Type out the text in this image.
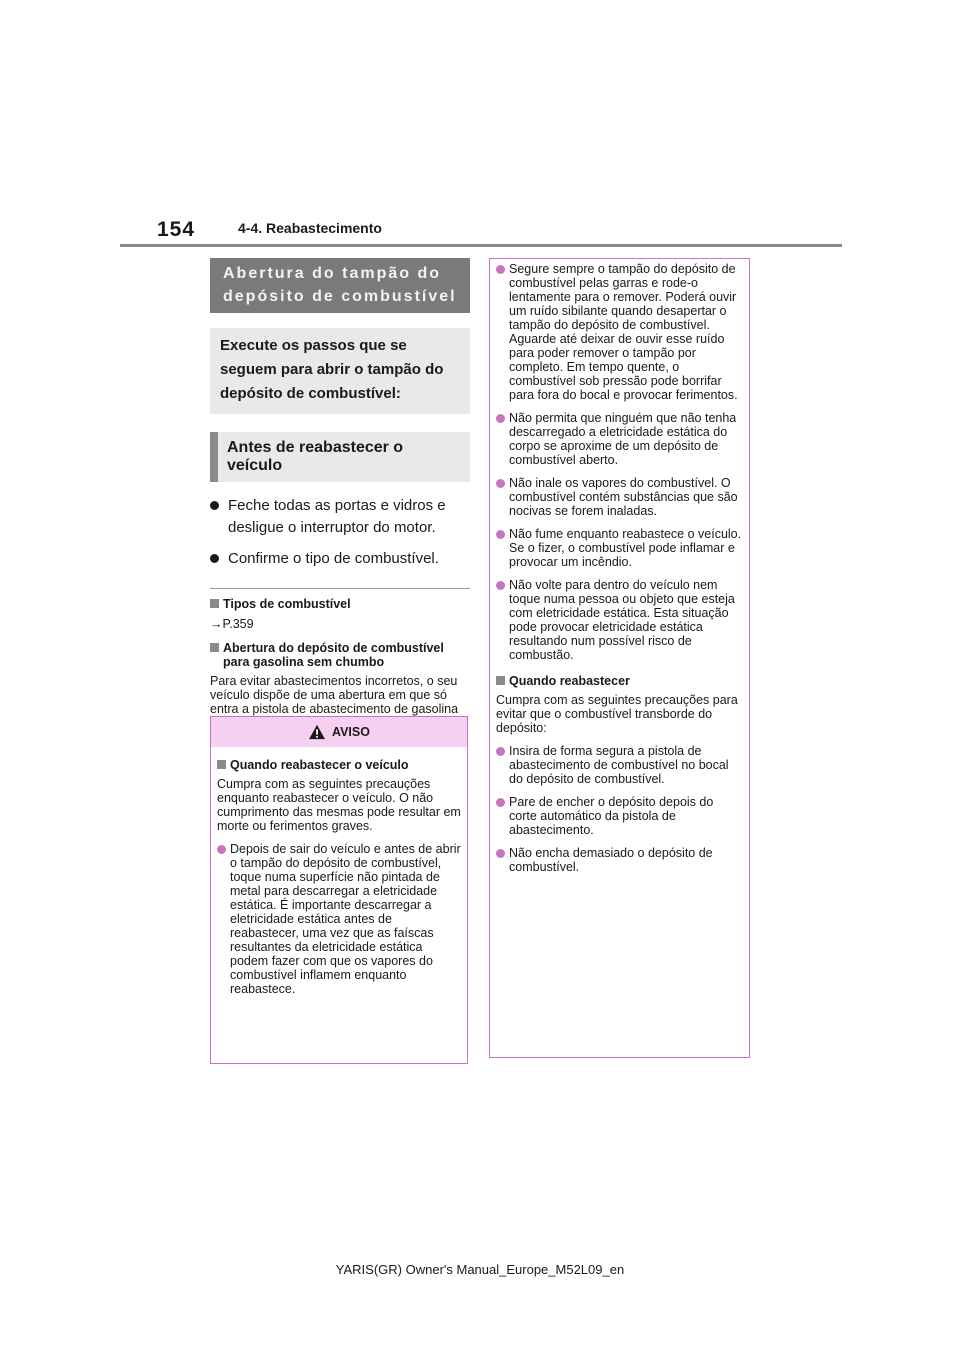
154	4-4. Reabastecimento
Abertura do tampão do depósito de combustível
Execute os passos que se seguem para abrir o tampão do depósito de combustível:
Antes de reabastecer o veículo
Feche todas as portas e vidros e desligue o interruptor do motor.
Confirme o tipo de combustível.
Tipos de combustível
→P.359
Abertura do depósito de combustível para gasolina sem chumbo
Para evitar abastecimentos incorretos, o seu veículo dispõe de uma abertura em que só entra a pistola de abastecimento de gasolina
AVISO
Quando reabastecer o veículo
Cumpra com as seguintes precauções enquanto reabastecer o veículo. O não cumprimento das mesmas pode resultar em morte ou ferimentos graves.
Depois de sair do veículo e antes de abrir o tampão do depósito de combustível, toque numa superfície não pintada de metal para descarregar a eletricidade estática. É importante descarregar a eletricidade estática antes de reabastecer, uma vez que as faíscas resultantes da eletricidade estática podem fazer com que os vapores do combustível inflamem enquanto reabastece.
Segure sempre o tampão do depósito de combustível pelas garras e rode-o lentamente para o remover. Poderá ouvir um ruído sibilante quando desapertar o tampão do depósito de combustível. Aguarde até deixar de ouvir esse ruído para poder remover o tampão por completo. Em tempo quente, o combustível sob pressão pode borrifar para fora do bocal e provocar ferimentos.
Não permita que ninguém que não tenha descarregado a eletricidade estática do corpo se aproxime de um depósito de combustível aberto.
Não inale os vapores do combustível. O combustível contém substâncias que são nocivas se forem inaladas.
Não fume enquanto reabastece o veículo. Se o fizer, o combustível pode inflamar e provocar um incêndio.
Não volte para dentro do veículo nem toque numa pessoa ou objeto que esteja com eletricidade estática. Esta situação pode provocar eletricidade estática resultando num possível risco de combustão.
Quando reabastecer
Cumpra com as seguintes precauções para evitar que o combustível transborde do depósito:
Insira de forma segura a pistola de abastecimento de combustível no bocal do depósito de combustível.
Pare de encher o depósito depois do corte automático da pistola de abastecimento.
Não encha demasiado o depósito de combustível.
YARIS(GR) Owner's Manual_Europe_M52L09_en
